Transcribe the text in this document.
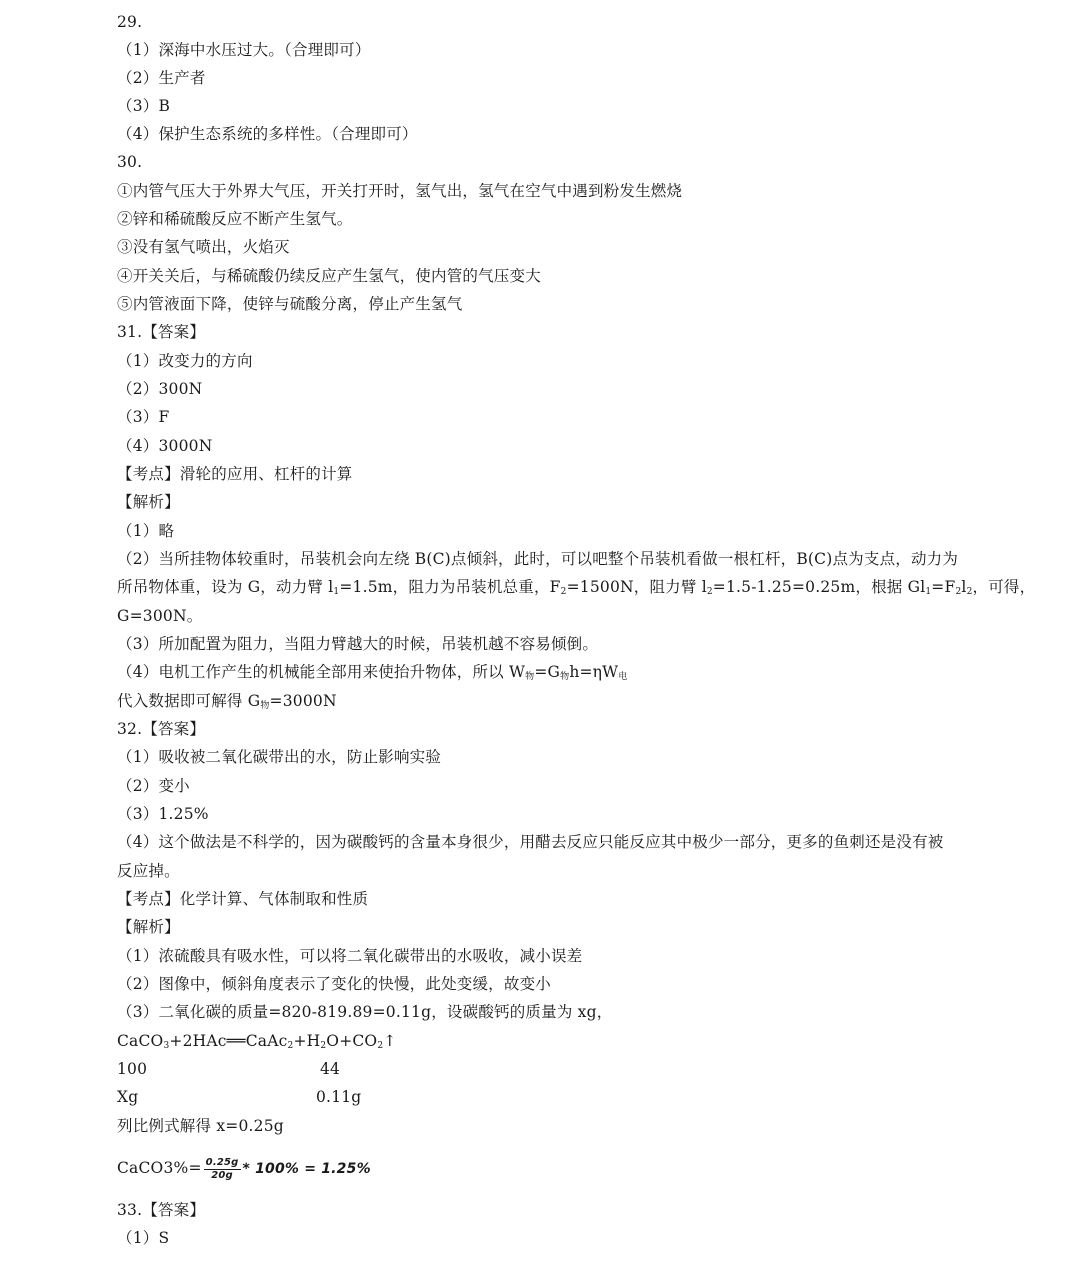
29.
（1）深海中水压过大。（合理即可）
（2）生产者
（3）B
（4）保护生态系统的多样性。（合理即可）
30.
①内管气压大于外界大气压，开关打开时，氢气出，氢气在空气中遇到粉发生燃烧
②锌和稀硫酸反应不断产生氢气。
③没有氢气喷出，火焰灭
④开关关后，与稀硫酸仍续反应产生氢气，使内管的气压变大
⑤内管液面下降，使锌与硫酸分离，停止产生氢气
31.【答案】
（1）改变力的方向
（2）300N
（3）F
（4）3000N
【考点】滑轮的应用、杠杆的计算
【解析】
（1）略
（2）当所挂物体较重时，吊装机会向左绕 B(C)点倾斜，此时，可以吧整个吊装机看做一根杠杆，B(C)点为支点，动力为
所吊物体重，设为 G，动力臂 $l_1=1.5m$，阻力为吊装机总重，$F_2=1500N$，阻力臂 $l_2=1.5-1.25=0.25m$，根据 $Gl_1=F_2l_2$，可得，
G=300N。
（3）所加配置为阻力，当阻力臂越大的时候，吊装机越不容易倾倒。
（4）电机工作产生的机械能全部用来使抬升物体，所以 $W_物=G_物h=\eta W_电$
代入数据即可解得 $G_物=3000N$
32.【答案】
（1）吸收被二氧化碳带出的水，防止影响实验
（2）变小
（3）1.25%
（4）这个做法是不科学的，因为碳酸钙的含量本身很少，用醋去反应只能反应其中极少一部分，更多的鱼刺还是没有被
反应掉。
【考点】化学计算、气体制取和性质
【解析】
（1）浓硫酸具有吸水性，可以将二氧化碳带出的水吸收，减小误差
（2）图像中，倾斜角度表示了变化的快慢，此处变缓，故变小
（3）二氧化碳的质量=820-819.89=0.11g，设碳酸钙的质量为 xg，
$CaCO_3+2HAc══CaAc_2+H_2O+CO_2↑$
100	44
Xg	0.11g
列比例式解得 x=0.25g
CaCO3%= $\frac{0.25g}{20g} * 100\% = 1.25\%$
33.【答案】
（1）S
